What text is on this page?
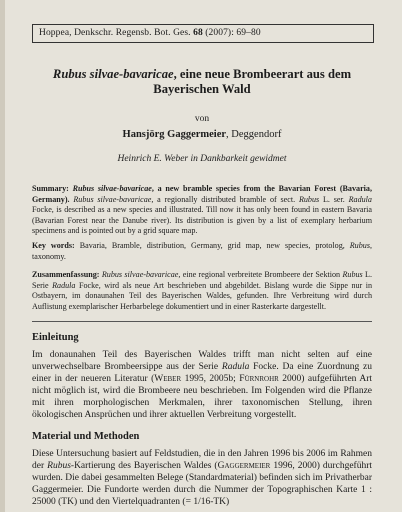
Hoppea, Denkschr. Regensb. Bot. Ges. 68 (2007): 69–80
Rubus silvae-bavaricae, eine neue Brombeerart aus dem
Bayerischen Wald
von
Hansjörg Gaggermeier, Deggendorf
Heinrich E. Weber in Dankbarkeit gewidmet

Summary: Rubus silvae-bavaricae, a new bramble species from the Bavarian Forest (Bavaria, Germany). Rubus silvae-bavaricae, a regionally distributed bramble of sect. Rubus L. ser. Radula Focke, is described as a new species and illustrated. Till now it has only been found in eastern Bavaria (Bavarian Forest near the Danube river). Its distribution is given by a list of exemplary herbarium specimens and is pointed out by a grid square map.

Key words: Bavaria, Bramble, distribution, Germany, grid map, new species, protolog, Rubus, taxonomy.

Zusammenfassung: Rubus silvae-bavaricae, eine regional verbreitete Brombeere der Sektion Rubus L. Serie Radula Focke, wird als neue Art beschrieben und abgebildet. Bislang wurde die Sippe nur in Ostbayern, im donaunahen Teil des Bayerischen Waldes, gefunden. Ihre Verbreitung wird durch Auflistung exemplarischer Herbarbelege dokumentiert und in einer Rasterkarte dargestellt.

Einleitung

Im donaunahen Teil des Bayerischen Waldes trifft man nicht selten auf eine unverwechselbare Brombeersippe aus der Serie Radula Focke. Da eine Zuordnung zu einer in der neueren Literatur (Weber 1995, 2005b; Fürnrohr 2000) aufgeführten Art nicht möglich ist, wird die Brombeere neu beschrieben. Im Folgenden wird die Pflanze mit ihren morphologischen Merkmalen, ihrer taxonomischen Stellung, ihren ökologischen Ansprüchen und ihrer aktuellen Verbreitung vorgestellt.

Material und Methoden

Diese Untersuchung basiert auf Feldstudien, die in den Jahren 1996 bis 2006 im Rahmen der Rubus-Kartierung des Bayerischen Waldes (Gaggermeier 1996, 2000) durchgeführt wurden. Die dabei gesammelten Belege (Standardmaterial) befinden sich im Privatherbar Gaggermeier. Die Fundorte werden durch die Nummer der Topographischen Karte 1 : 25000 (TK) und den Viertelquadranten (= 1/16-TK)
